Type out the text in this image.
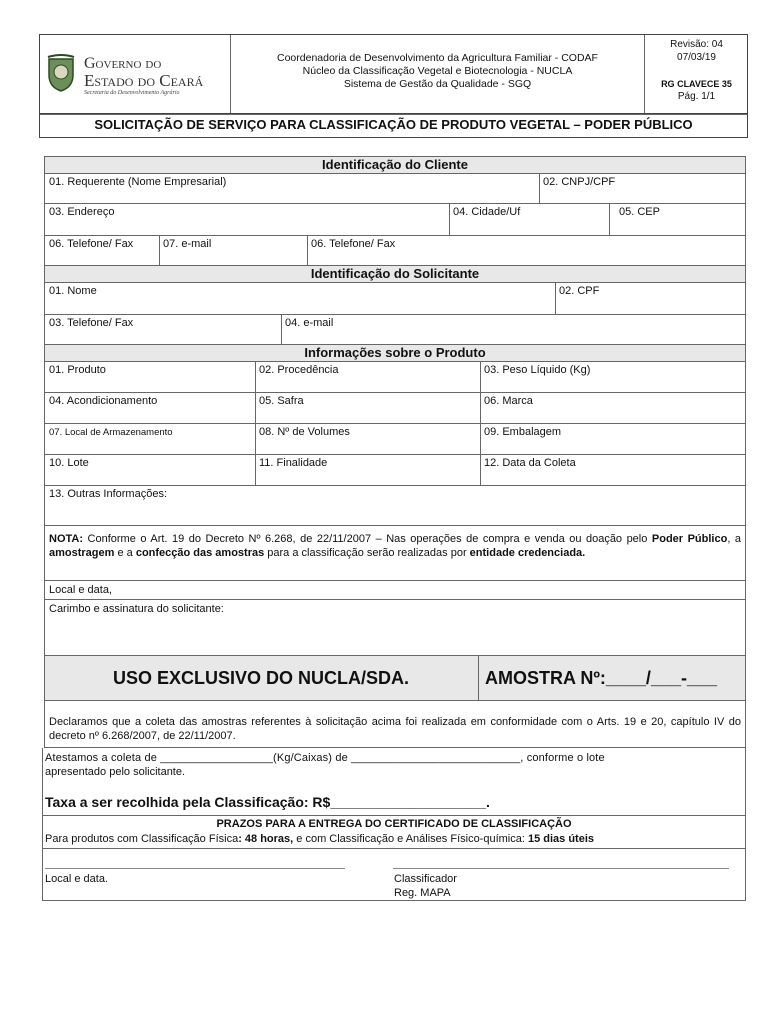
Governo do
Estado do Ceará
Secretaria do Desenvolvimento Agrário
Coordenadoria de Desenvolvimento da Agricultura Familiar - CODAF
Núcleo da Classificação Vegetal e Biotecnologia - NUCLA
Sistema de Gestão da Qualidade - SGQ
Revisão: 04
07/03/19
RG CLAVECE 35
Pág. 1/1
SOLICITAÇÃO DE SERVIÇO PARA CLASSIFICAÇÃO DE PRODUTO VEGETAL – PODER PÚBLICO
Identificação do Cliente
01. Requerente (Nome Empresarial)	02. CNPJ/CPF
03. Endereço	04. Cidade/Uf	05. CEP
06. Telefone/ Fax	07. e-mail	06. Telefone/ Fax
Identificação do Solicitante
01. Nome	02. CPF
03. Telefone/ Fax	04. e-mail
Informações sobre o Produto
01. Produto	02. Procedência	03. Peso Líquido (Kg)
04. Acondicionamento	05. Safra	06. Marca
07. Local de Armazenamento	08. Nº de Volumes	09. Embalagem
10. Lote	11. Finalidade	12. Data da Coleta
13. Outras Informações:
NOTA: Conforme o Art. 19 do Decreto Nº 6.268, de 22/11/2007 – Nas operações de compra e venda ou doação pelo Poder Público, a amostragem e a confecção das amostras para a classificação serão realizadas por entidade credenciada.
Local e data,
Carimbo e assinatura do solicitante:
USO EXCLUSIVO DO NUCLA/SDA.	AMOSTRA Nº:____/___-___
Declaramos que a coleta das amostras referentes à solicitação acima foi realizada em conformidade com o Arts. 19 e 20, capítulo IV do decreto nº 6.268/2007, de 22/11/2007.
Atestamos a coleta de __________________(Kg/Caixas) de ___________________________, conforme o lote
apresentado pelo solicitante.
Taxa a ser recolhida pela Classificação: R$____________________.
PRAZOS PARA A ENTREGA DO CERTIFICADO DE CLASSIFICAÇÃO
Para produtos com Classificação Física: 48 horas, e com Classificação e Análises Físico-química: 15 dias úteis
Local e data.	Classificador
Reg. MAPA
